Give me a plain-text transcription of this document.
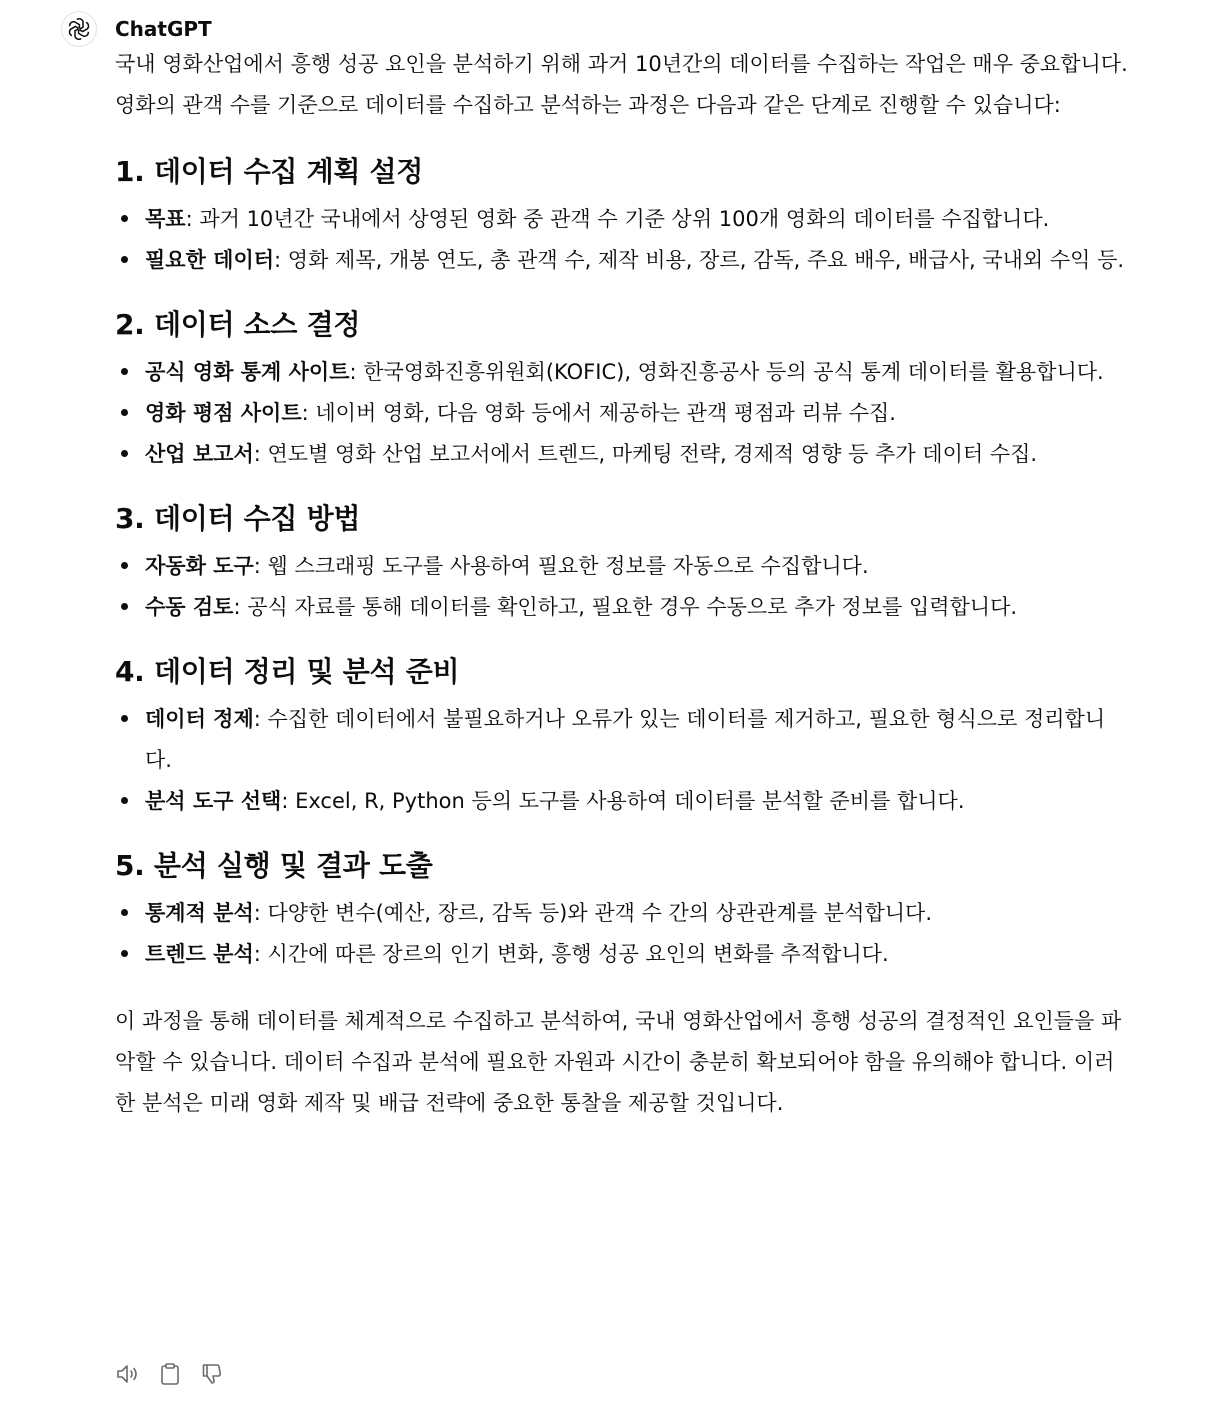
ChatGPT

국내 영화산업에서 흥행 성공 요인을 분석하기 위해 과거 10년간의 데이터를 수집하는 작업은 매우 중요합니다. 영화의 관객 수를 기준으로 데이터를 수집하고 분석하는 과정은 다음과 같은 단계로 진행할 수 있습니다:

1. 데이터 수집 계획 설정
목표: 과거 10년간 국내에서 상영된 영화 중 관객 수 기준 상위 100개 영화의 데이터를 수집합니다.
필요한 데이터: 영화 제목, 개봉 연도, 총 관객 수, 제작 비용, 장르, 감독, 주요 배우, 배급사, 국내외 수익 등.
2. 데이터 소스 결정
공식 영화 통계 사이트: 한국영화진흥위원회(KOFIC), 영화진흥공사 등의 공식 통계 데이터를 활용합니다.
영화 평점 사이트: 네이버 영화, 다음 영화 등에서 제공하는 관객 평점과 리뷰 수집.
산업 보고서: 연도별 영화 산업 보고서에서 트렌드, 마케팅 전략, 경제적 영향 등 추가 데이터 수집.
3. 데이터 수집 방법
자동화 도구: 웹 스크래핑 도구를 사용하여 필요한 정보를 자동으로 수집합니다.
수동 검토: 공식 자료를 통해 데이터를 확인하고, 필요한 경우 수동으로 추가 정보를 입력합니다.
4. 데이터 정리 및 분석 준비
데이터 정제: 수집한 데이터에서 불필요하거나 오류가 있는 데이터를 제거하고, 필요한 형식으로 정리합니다.
분석 도구 선택: Excel, R, Python 등의 도구를 사용하여 데이터를 분석할 준비를 합니다.
5. 분석 실행 및 결과 도출
통계적 분석: 다양한 변수(예산, 장르, 감독 등)와 관객 수 간의 상관관계를 분석합니다.
트렌드 분석: 시간에 따른 장르의 인기 변화, 흥행 성공 요인의 변화를 추적합니다.

이 과정을 통해 데이터를 체계적으로 수집하고 분석하여, 국내 영화산업에서 흥행 성공의 결정적인 요인들을 파악할 수 있습니다. 데이터 수집과 분석에 필요한 자원과 시간이 충분히 확보되어야 함을 유의해야 합니다. 이러한 분석은 미래 영화 제작 및 배급 전략에 중요한 통찰을 제공할 것입니다.
